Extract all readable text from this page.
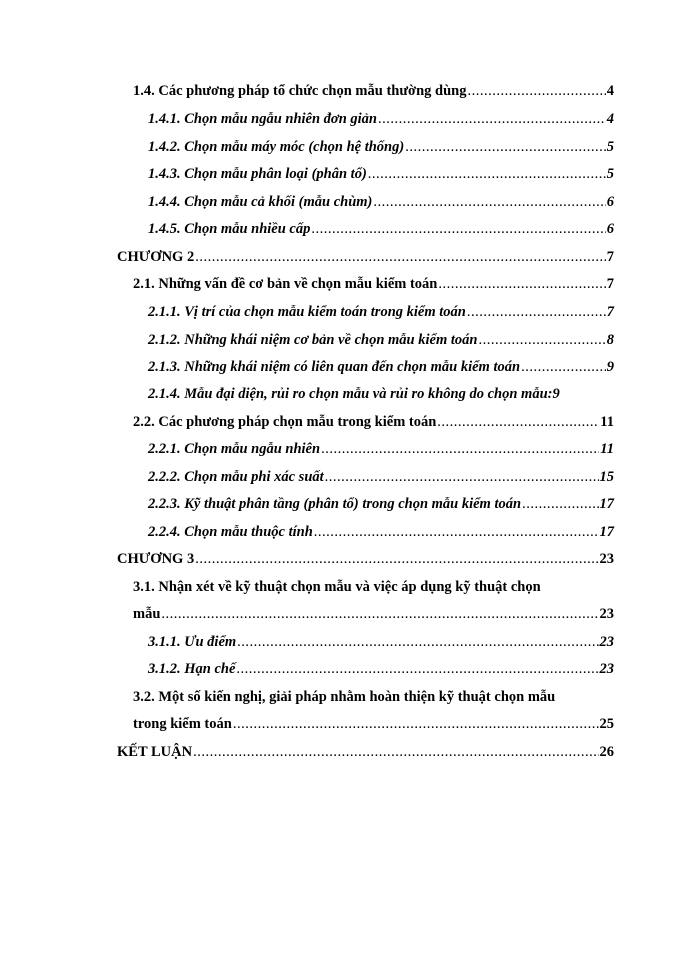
1.4. Các phương pháp tổ chức chọn mẫu thường dùng .....	4
1.4.1. Chọn mẫu ngẫu nhiên đơn giản .....	4
1.4.2. Chọn mẫu máy móc (chọn hệ thống) .....	5
1.4.3. Chọn mẫu phân loại (phân tổ) .....	5
1.4.4. Chọn mẫu cả khối (mẫu chùm) .....	6
1.4.5. Chọn mẫu nhiều cấp .....	6
CHƯƠNG 2 .....	7
2.1. Những vấn đề cơ bản về chọn mẫu kiểm toán .....	7
2.1.1. Vị trí của chọn mẫu kiểm toán trong kiểm toán .....	7
2.1.2. Những khái niệm cơ bản về chọn mẫu kiểm toán .....	8
2.1.3. Những khái niệm có liên quan đến chọn mẫu kiểm toán .....	9
2.1.4. Mẫu đại diện, rủi ro chọn mẫu và rủi ro không do chọn mẫu: 9
2.2. Các phương pháp chọn mẫu trong kiểm toán .....	11
2.2.1. Chọn mẫu ngẫu nhiên .....	11
2.2.2. Chọn mẫu phi xác suất .....	15
2.2.3. Kỹ thuật phân tầng (phân tổ) trong chọn mẫu kiểm toán .....	17
2.2.4. Chọn mẫu thuộc tính .....	17
CHƯƠNG 3 .....	23
3.1. Nhận xét về kỹ thuật chọn mẫu và việc áp dụng kỹ thuật chọn
mẫu .....	23
3.1.1. Ưu điểm .....	23
3.1.2. Hạn chế .....	23
3.2. Một số kiến nghị, giải pháp nhằm hoàn thiện kỹ thuật chọn mẫu
trong kiểm toán .....	25
KẾT LUẬN .....	26
